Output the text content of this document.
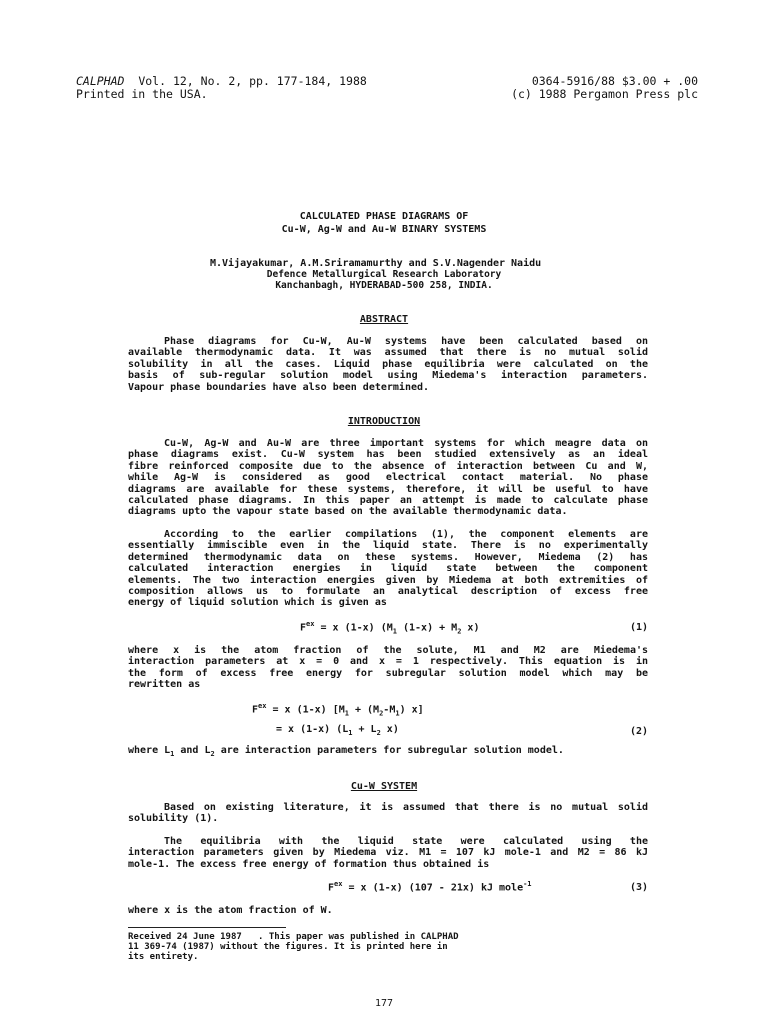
CALPHAD Vol. 12, No. 2, pp. 177-184, 1988
Printed in the USA.
0364-5916/88 $3.00 + .00
(c) 1988 Pergamon Press plc
CALCULATED PHASE DIAGRAMS OF
Cu-W, Ag-W and Au-W BINARY SYSTEMS
M.Vijayakumar, A.M.Sriramamurthy and S.V.Nagender Naidu
Defence Metallurgical Research Laboratory
Kanchanbagh, HYDERABAD-500 258, INDIA.
ABSTRACT
Phase diagrams for Cu-W, Au-W systems have been calculated based on
available thermodynamic data. It was assumed that there is no mutual solid
solubility in all the cases. Liquid phase equilibria were calculated on the
basis of sub-regular solution model using Miedema's interaction parameters.
Vapour phase boundaries have also been determined.
INTRODUCTION
Cu-W, Ag-W and Au-W are three important systems for which meagre data on
phase diagrams exist. Cu-W system has been studied extensively as an ideal
fibre reinforced composite due to the absence of interaction between Cu and W,
while Ag-W is considered as good electrical contact material. No phase
diagrams are available for these systems, therefore, it will be useful to have
calculated phase diagrams. In this paper an attempt is made to calculate phase
diagrams upto the vapour state based on the available thermodynamic data.
According to the earlier compilations (1), the component elements are
essentially immiscible even in the liquid state. There is no experimentally
determined thermodynamic data on these systems. However, Miedema (2) has
calculated interaction energies in liquid state between the component
elements. The two interaction energies given by Miedema at both extremities of
composition allows us to formulate an analytical description of excess free
energy of liquid solution which is given as
$F^{ex} = x$ (1-x) ($M_1$ $(1-x) + M_2$ x)	(1)
where x is the atom fraction of the solute, M1 and M2 are Miedema's
interaction parameters at x = 0 and x = 1 respectively. This equation is in
the form of excess free energy for subregular solution model which may be
rewritten as
$F^{ex} = x$ (1-x) [$M_1 + (M_2-M_1)$ x]
= x (1-x) ($L_1 + L_2$ x)	(2)
where $L_1$ and $L_2$ are interaction parameters for subregular solution model.
Cu-W SYSTEM
Based on existing literature, it is assumed that there is no mutual solid
solubility (1).
The equilibria with the liquid state were calculated using the
interaction parameters given by Miedema viz. M1 = 107 kJ mole-1 and M2 = 86 kJ
mole-1. The excess free energy of formation thus obtained is
$F^{ex} = x$ (1-x) (107 - 21x) kJ mole$^{-1}$	(3)
where x is the atom fraction of W.
Received 24 June 1987   . This paper was published in CALPHAD
11 369-74 (1987) without the figures. It is printed here in
its entirety.
177
